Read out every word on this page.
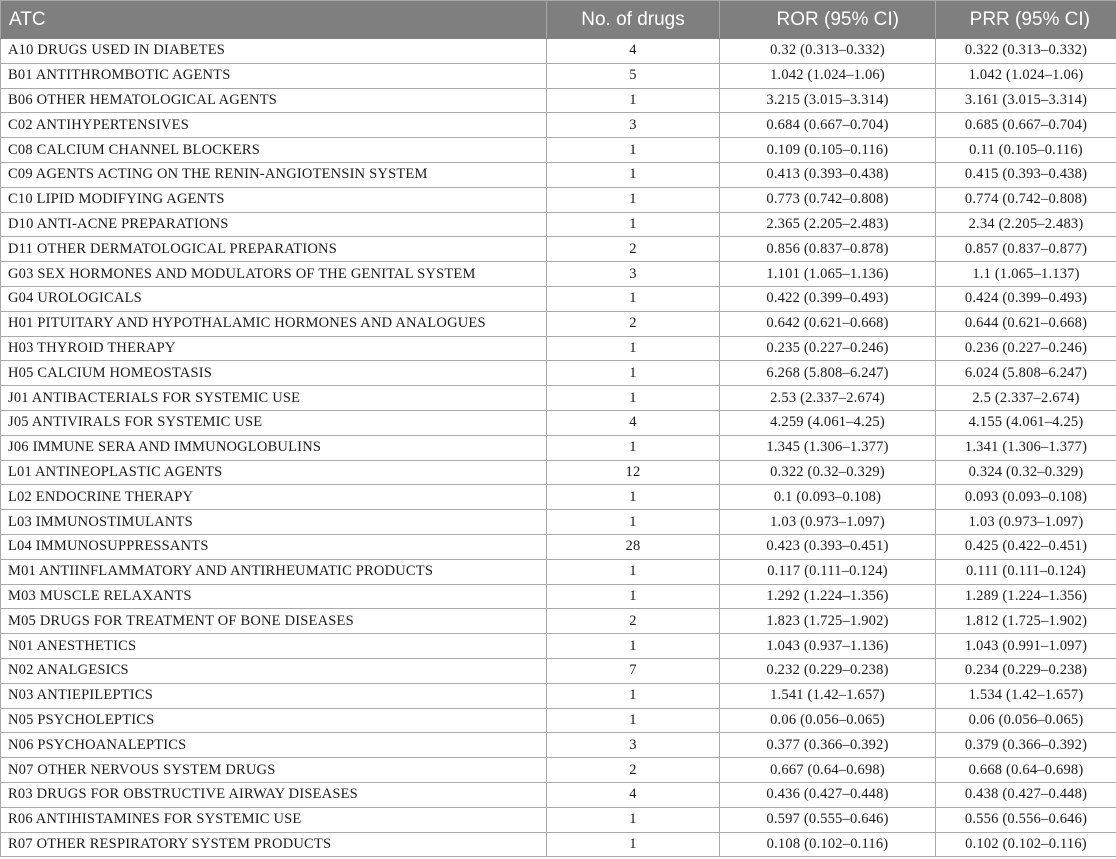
ATC	No. of drugs	ROR (95% CI)	PRR (95% CI)
A10 DRUGS USED IN DIABETES	4	0.32 (0.313–0.332)	0.322 (0.313–0.332)
B01 ANTITHROMBOTIC AGENTS	5	1.042 (1.024–1.06)	1.042 (1.024–1.06)
B06 OTHER HEMATOLOGICAL AGENTS	1	3.215 (3.015–3.314)	3.161 (3.015–3.314)
C02 ANTIHYPERTENSIVES	3	0.684 (0.667–0.704)	0.685 (0.667–0.704)
C08 CALCIUM CHANNEL BLOCKERS	1	0.109 (0.105–0.116)	0.11 (0.105–0.116)
C09 AGENTS ACTING ON THE RENIN-ANGIOTENSIN SYSTEM	1	0.413 (0.393–0.438)	0.415 (0.393–0.438)
C10 LIPID MODIFYING AGENTS	1	0.773 (0.742–0.808)	0.774 (0.742–0.808)
D10 ANTI-ACNE PREPARATIONS	1	2.365 (2.205–2.483)	2.34 (2.205–2.483)
D11 OTHER DERMATOLOGICAL PREPARATIONS	2	0.856 (0.837–0.878)	0.857 (0.837–0.877)
G03 SEX HORMONES AND MODULATORS OF THE GENITAL SYSTEM	3	1.101 (1.065–1.136)	1.1 (1.065–1.137)
G04 UROLOGICALS	1	0.422 (0.399–0.493)	0.424 (0.399–0.493)
H01 PITUITARY AND HYPOTHALAMIC HORMONES AND ANALOGUES	2	0.642 (0.621–0.668)	0.644 (0.621–0.668)
H03 THYROID THERAPY	1	0.235 (0.227–0.246)	0.236 (0.227–0.246)
H05 CALCIUM HOMEOSTASIS	1	6.268 (5.808–6.247)	6.024 (5.808–6.247)
J01 ANTIBACTERIALS FOR SYSTEMIC USE	1	2.53 (2.337–2.674)	2.5 (2.337–2.674)
J05 ANTIVIRALS FOR SYSTEMIC USE	4	4.259 (4.061–4.25)	4.155 (4.061–4.25)
J06 IMMUNE SERA AND IMMUNOGLOBULINS	1	1.345 (1.306–1.377)	1.341 (1.306–1.377)
L01 ANTINEOPLASTIC AGENTS	12	0.322 (0.32–0.329)	0.324 (0.32–0.329)
L02 ENDOCRINE THERAPY	1	0.1 (0.093–0.108)	0.093 (0.093–0.108)
L03 IMMUNOSTIMULANTS	1	1.03 (0.973–1.097)	1.03 (0.973–1.097)
L04 IMMUNOSUPPRESSANTS	28	0.423 (0.393–0.451)	0.425 (0.422–0.451)
M01 ANTIINFLAMMATORY AND ANTIRHEUMATIC PRODUCTS	1	0.117 (0.111–0.124)	0.111 (0.111–0.124)
M03 MUSCLE RELAXANTS	1	1.292 (1.224–1.356)	1.289 (1.224–1.356)
M05 DRUGS FOR TREATMENT OF BONE DISEASES	2	1.823 (1.725–1.902)	1.812 (1.725–1.902)
N01 ANESTHETICS	1	1.043 (0.937–1.136)	1.043 (0.991–1.097)
N02 ANALGESICS	7	0.232 (0.229–0.238)	0.234 (0.229–0.238)
N03 ANTIEPILEPTICS	1	1.541 (1.42–1.657)	1.534 (1.42–1.657)
N05 PSYCHOLEPTICS	1	0.06 (0.056–0.065)	0.06 (0.056–0.065)
N06 PSYCHOANALEPTICS	3	0.377 (0.366–0.392)	0.379 (0.366–0.392)
N07 OTHER NERVOUS SYSTEM DRUGS	2	0.667 (0.64–0.698)	0.668 (0.64–0.698)
R03 DRUGS FOR OBSTRUCTIVE AIRWAY DISEASES	4	0.436 (0.427–0.448)	0.438 (0.427–0.448)
R06 ANTIHISTAMINES FOR SYSTEMIC USE	1	0.597 (0.555–0.646)	0.556 (0.556–0.646)
R07 OTHER RESPIRATORY SYSTEM PRODUCTS	1	0.108 (0.102–0.116)	0.102 (0.102–0.116)
